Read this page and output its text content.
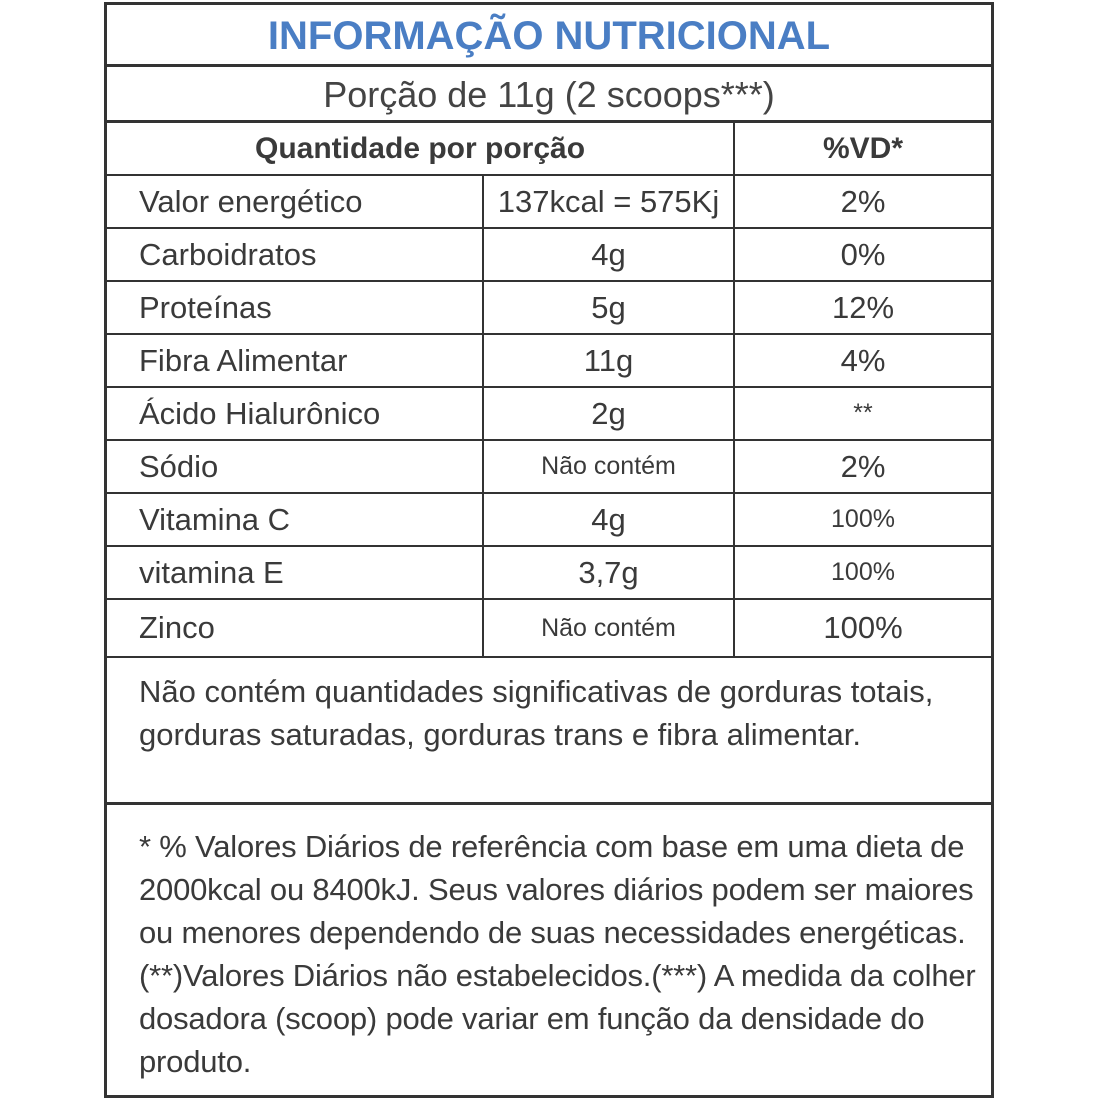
INFORMAÇÃO NUTRICIONAL
Porção de 11g (2 scoops***)
Quantidade por porção	%VD*
Valor energético	137kcal = 575Kj	2%
Carboidratos	4g	0%
Proteínas	5g	12%
Fibra Alimentar	11g	4%
Ácido Hialurônico	2g	**
Sódio	Não contém	2%
Vitamina C	4g	100%
vitamina E	3,7g	100%
Zinco	Não contém	100%
Não contém quantidades significativas de gorduras totais, gorduras saturadas, gorduras trans e fibra alimentar.
* % Valores Diários de referência com base em uma dieta de 2000kcal ou 8400kJ. Seus valores diários podem ser maiores ou menores dependendo de suas necessidades energéticas.(**)Valores Diários não estabelecidos.(***) A medida da colher dosadora (scoop) pode variar em função da densidade do produto.
